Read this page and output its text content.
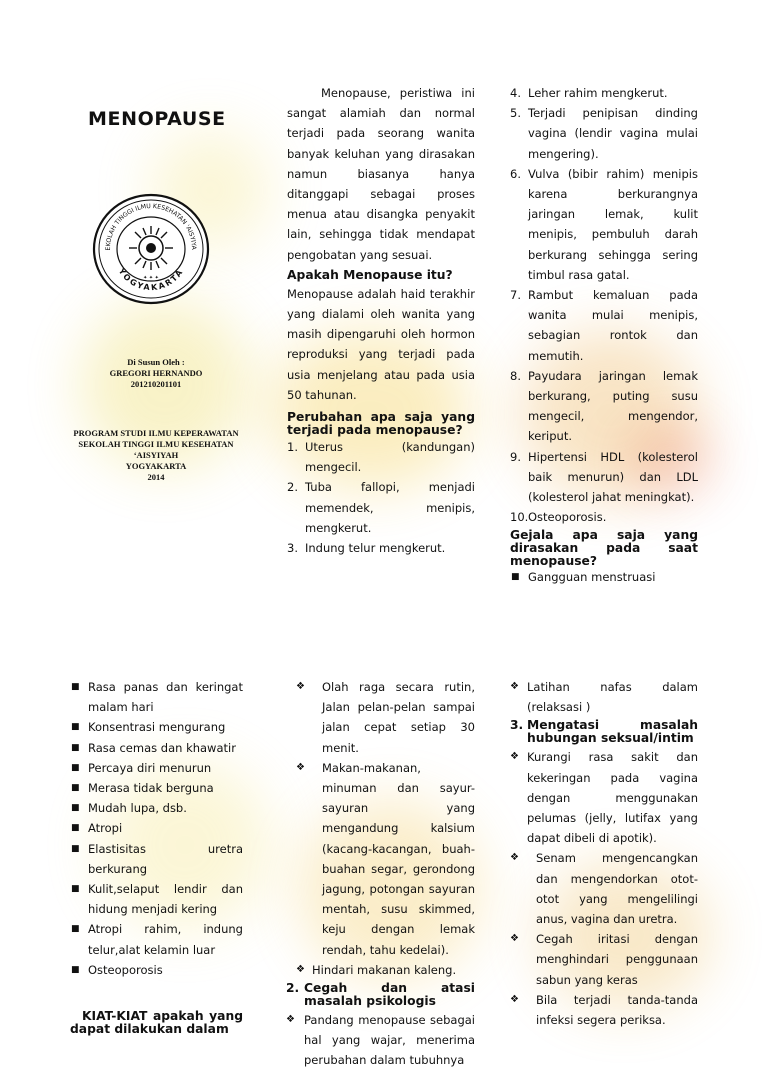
MENOPAUSE
EKOLAH TINGGI ILMU KESEHATAN 'AISYIYA
YOGYAKARTA
✦ ✦ ✦
Di Susun Oleh :
GREGORI HERNANDO
201210201101
PROGRAM STUDI ILMU KEPERAWATAN
SEKOLAH TINGGI ILMU KESEHATAN
‘AISYIYAH
YOGYAKARTA
2014
Menopause, peristiwa ini sangat alamiah dan normal terjadi pada seorang wanita banyak keluhan yang dirasakan namun biasanya hanya ditanggapi sebagai proses menua atau disangka penyakit lain, sehingga tidak mendapat pengobatan yang sesuai.
Apakah Menopause itu?
Menopause adalah haid terakhir yang dialami oleh wanita yang masih dipengaruhi oleh hormon reproduksi yang terjadi pada usia menjelang atau pada usia 50 tahunan.
Perubahan apa saja yang terjadi pada menopause?
1. Uterus (kandungan) mengecil.
2. Tuba fallopi, menjadi memendek, menipis, mengkerut.
3. Indung telur mengkerut.
4. Leher rahim mengkerut.
5. Terjadi penipisan dinding vagina (lendir vagina mulai mengering).
6. Vulva (bibir rahim) menipis karena berkurangnya jaringan lemak, kulit menipis, pembuluh darah berkurang sehingga sering timbul rasa gatal.
7. Rambut kemaluan pada wanita mulai menipis, sebagian rontok dan memutih.
8. Payudara jaringan lemak berkurang, puting susu mengecil, mengendor, keriput.
9. Hipertensi HDL (kolesterol baik menurun) dan LDL (kolesterol jahat meningkat).
10. Osteoporosis.
Gejala apa saja yang dirasakan pada saat menopause?
■ Gangguan menstruasi
■ Rasa panas dan keringat malam hari
■ Konsentrasi mengurang
■ Rasa cemas dan khawatir
■ Percaya diri menurun
■ Merasa tidak berguna
■ Mudah lupa, dsb.
■ Atropi
■ Elastisitas uretra berkurang
■ Kulit,selaput lendir dan hidung menjadi kering
■ Atropi rahim, indung telur,alat kelamin luar
■ Osteoporosis
KIAT-KIAT apakah yang dapat dilakukan dalam
❖ Olah raga secara rutin, Jalan pelan-pelan sampai jalan cepat setiap 30 menit.
❖ Makan-makanan, minuman dan sayur-sayuran yang mengandung kalsium (kacang-kacangan, buah-buahan segar, gerondong jagung, potongan sayuran mentah, susu skimmed, keju dengan lemak rendah, tahu kedelai).
❖ Hindari makanan kaleng.
2. Cegah dan atasi masalah psikologis
❖ Pandang menopause sebagai hal yang wajar, menerima perubahan dalam tubuhnya
❖ Latihan nafas dalam (relaksasi )
3. Mengatasi masalah hubungan seksual/intim
❖ Kurangi rasa sakit dan kekeringan pada vagina dengan menggunakan pelumas (jelly, lutifax yang dapat dibeli di apotik).
❖ Senam mengencangkan dan mengendorkan otot-otot yang mengelilingi anus, vagina dan uretra.
❖ Cegah iritasi dengan menghindari penggunaan sabun yang keras
❖ Bila terjadi tanda-tanda infeksi segera periksa.
